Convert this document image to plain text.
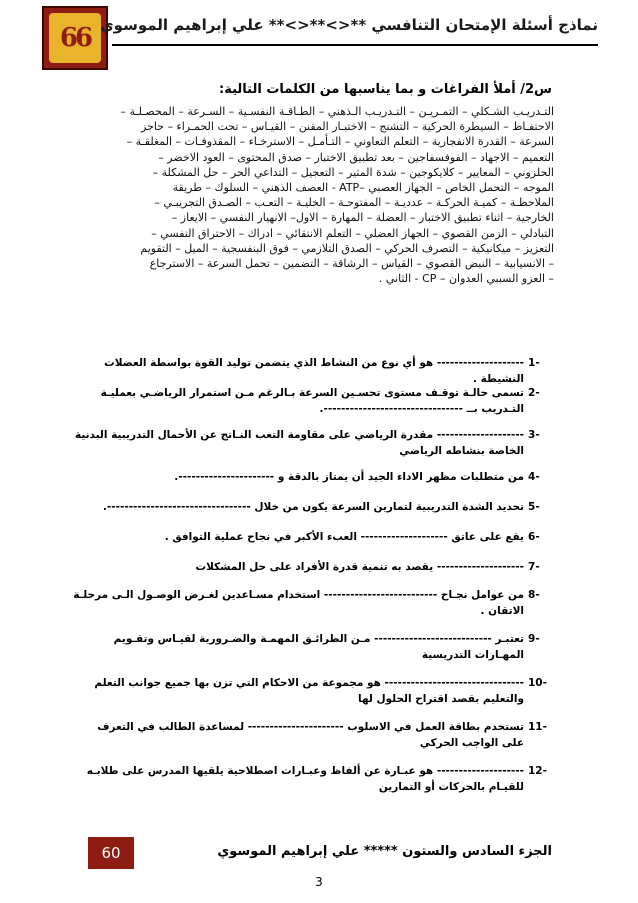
66 نماذج أسئلة الإمتحان التنافسي **<>**<>** علي إبراهيم الموسوي
س2/ أملأ الفراغات و بما يناسبها من الكلمات التالية:
التـدريـب الشـكلي – التمـريـن – التـدريـب الـذهني – الطـاقـة النفسـية – السـرعة – المحصـلـة –
الاحتفـاظ – السيطرة الحركية – التشنج – الاختبـار المقنن – القيـاس – تحت الحمـراء – حاجز
السرعة – القدرة الانفجارية – التعلم التعاوني – التـأمـل – الاسترخـاء – المقذوفـات – المغلقـة –
التعميم – الاجهاد – الفوفسفاجين – بعد تطبيق الاختبار – صدق المحتوى – العود الاخضر –
الحلزوني – المعايير – كلايكوجين – شدة المثير – التعجيل – التداعي الحر – حل المشكلة –
الموجه – التحمل الخاص – الجهاز العصبي –ATP - العصف الذهني – السلوك – طريقة
الملاحظـة – كميـة الحركـة – عدديـة – المفتوحـة – الخليـة – التعـب – الصـدق التجريبـي –
الخارجية – اثناء تطبيق الاختبار – العضلة – المهارة – الاول– الانهيار النفسي – الايعاز –
التبادلي – الزمن القصوي – الجهاز العضلي – التعلم الانتقائي – ادراك – الاحتراق النفسي –
التعزيز – ميكانيكية – التصرف الحركي – الصدق التلازمي – فوق البنفسجية – الميل – التقويم
– الانسيابية – النبض القصوي – القياس – الرشاقة – التضمين – تحمل السرعة – الاسترجاع
– العزو السببي العدوان – CP - الثاني .
-1
-------------------- هو أي نوع من النشاط الذي يتضمن توليد القوة بواسطة العضلات النشيطة .
-2
تسمى حالـة توقـف مستوى تحسـين السرعة بـالرغم مـن استمرار الرياضـي بعمليـة التـدريب بــ --------------------------------.
-3
-------------------- مقدرة الرياضي على مقاومة التعب النـاتج عن الأحمال التدريبية البدنية الخاصة بنشاطه الرياضي
-4
من متطلبات مظهر الاداء الجيد أن يمتاز بالدقة و ----------------------.
-5
تحديد الشدة التدريبية لتمارين السرعة يكون من خلال ---------------------------------.
-6
يقع على عاتق -------------------- العبء الأكبر في نجاح عملية التوافق .
-7
-------------------- يقصد به تنمية قدرة الأفراد على حل المشكلات
-8
من عوامل نجـاح -------------------------- استخدام مسـاعدين لغـرض الوصـول الـى مرحلـة الاتقان .
-9
تعتبـر --------------------------- مـن الطرائـق المهمـة والضـرورية لقيـاس وتقـويم المهـارات التدريسية
-10
-------------------------------- هو مجموعة من الاحكام التي تزن بها جميع جوانب التعلم والتعليم بقصد اقتراح الحلول لها
-11
تستخدم بطاقة العمل في الاسلوب ---------------------- لمساعدة الطالب في التعرف على الواجب الحركي
-12
-------------------- هو عبـارة عن ألفاظ وعبـارات اصطلاحية يلقيها المدرس على طلابـه للقيـام بالحركات أو التمارين
60	الجزء السادس والستون ***** علي إبراهيم الموسوي
3
